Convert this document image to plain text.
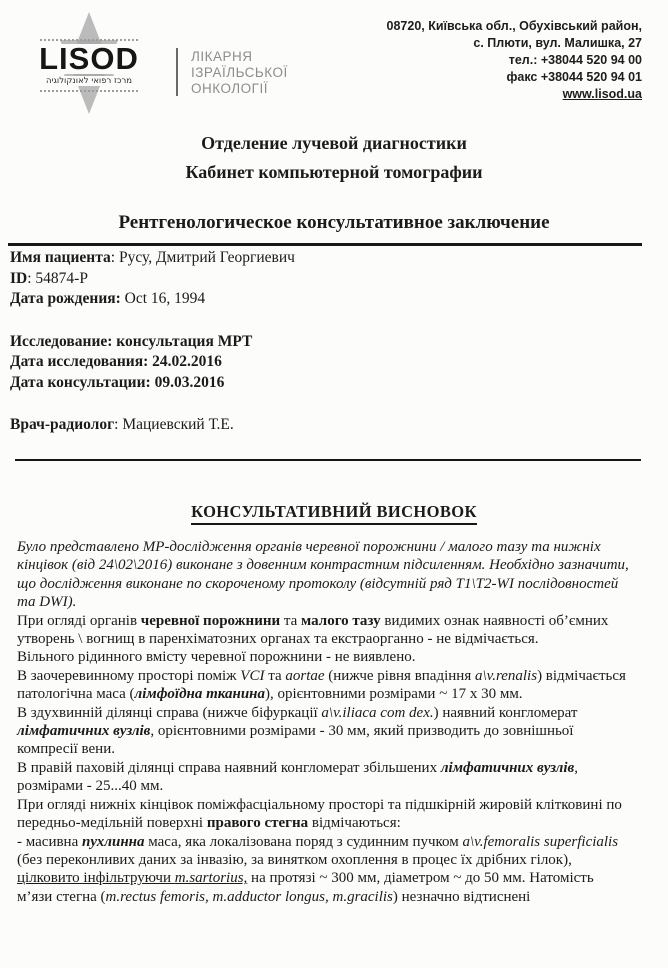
LISOD
מרכז רפואי לאונקולוגיה
ЛІКАРНЯ
ІЗРАЇЛЬСЬКОЇ
ОНКОЛОГІЇ
08720, Київська обл., Обухівський район,
с. Плюти, вул. Малишка, 27
тел.: +38044 520 94 00
факс +38044 520 94 01
www.lisod.ua
Отделение лучевой диагностики
Кабинет компьютерной томографии
Рентгенологическое консультативное заключение
Имя пациента: Русу, Дмитрий Георгиевич
ID: 54874-P
Дата рождения: Oct 16, 1994
Исследование: консультация МРТ
Дата исследования: 24.02.2016
Дата консультации: 09.03.2016
Врач-радиолог: Мациевский Т.Е.
КОНСУЛЬТАТИВНИЙ ВИСНОВОК
Було представлено МР-дослідження органів черевної порожнини / малого тазу та нижніх кінцівок (від 24\02\2016) виконане з довенним контрастним підсиленням. Необхідно зазначити, що дослідження виконане по скороченому протоколу (відсутній ряд T1\T2-WI послідовностей та DWI).
При огляді органів черевної порожнини та малого тазу видимих ознак наявності об’ємних утворень \ вогнищ в паренхіматозних органах та екстраорганно - не відмічається.
Вільного рідинного вмісту черевної порожнини - не виявлено.
В заочеревинному просторі поміж VCI та aortae (нижче рівня впадіння a\v.renalis) відмічається патологічна маса (лімфоїдна тканина), орієнтовними розмірами ~ 17 х 30 мм.
В здухвинній ділянці справа (нижче біфуркації a\v.iliaca com dex.) наявний конгломерат лімфатичних вузлів, орієнтовними розмірами - 30 мм, який призводить до зовнішньої компресії вени.
В правій паховій ділянці справа наявний конгломерат збільшених лімфатичних вузлів, розмірами - 25...40 мм.
При огляді нижніх кінцівок поміжфасціальному просторі та підшкірній жировій клітковині по передньо-медільній поверхні правого стегна відмічаються:
- масивна пухлинна маса, яка локалізована поряд з судинним пучком a\v.femoralis superficialis (без переконливих даних за інвазію, за винятком охоплення в процес їх дрібних гілок), цілковито інфільтруючи m.sartorius, на протязі ~ 300 мм, діаметром ~ до 50 мм. Натомість м’язи стегна (m.rectus femoris, m.adductor longus, m.gracilis) незначно відтиснені
